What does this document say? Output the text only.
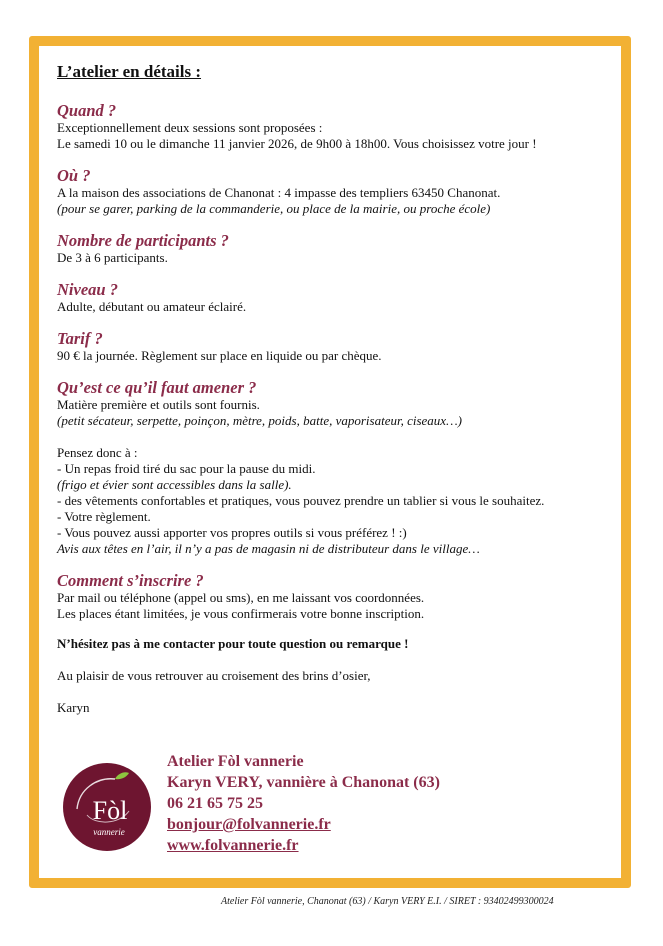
L’atelier en détails :

Quand ?

Exceptionnellement deux sessions sont proposées :

Le samedi 10 ou le dimanche 11 janvier 2026, de 9h00 à 18h00. Vous choisissez votre jour !

Où ?

A la maison des associations de Chanonat : 4 impasse des templiers 63450 Chanonat.

(pour se garer, parking de la commanderie, ou place de la mairie, ou proche école)

Nombre de participants ?

De 3 à 6 participants.

Niveau ?

Adulte, débutant ou amateur éclairé.

Tarif ?

90 € la journée. Règlement sur place en liquide ou par chèque.

Qu’est ce qu’il faut amener ?

Matière première et outils sont fournis.

(petit sécateur, serpette, poinçon, mètre, poids, batte, vaporisateur, ciseaux…)

Pensez donc à :

- Un repas froid tiré du sac pour la pause du midi.

(frigo et évier sont accessibles dans la salle).

- des vêtements confortables et pratiques, vous pouvez prendre un tablier si vous le souhaitez.

- Votre règlement.

- Vous pouvez aussi apporter vos propres outils si vous préférez ! :)

Avis aux têtes en l’air, il n’y a pas de magasin ni de distributeur dans le village…

Comment s’inscrire ?

Par mail ou téléphone (appel ou sms), en me laissant vos coordonnées.

Les places étant limitées, je vous confirmerais votre bonne inscription.

N’hésitez pas à me contacter pour toute question ou remarque !

Au plaisir de vous retrouver au croisement des brins d’osier,

Karyn

Fòl
vannerie

Atelier Fòl vannerie

Karyn VERY, vannière à Chanonat (63)

06 21 65 75 25

bonjour@folvannerie.fr

www.folvannerie.fr

Atelier Fòl vannerie, Chanonat (63) / Karyn VERY E.I. / SIRET : 93402499300024
